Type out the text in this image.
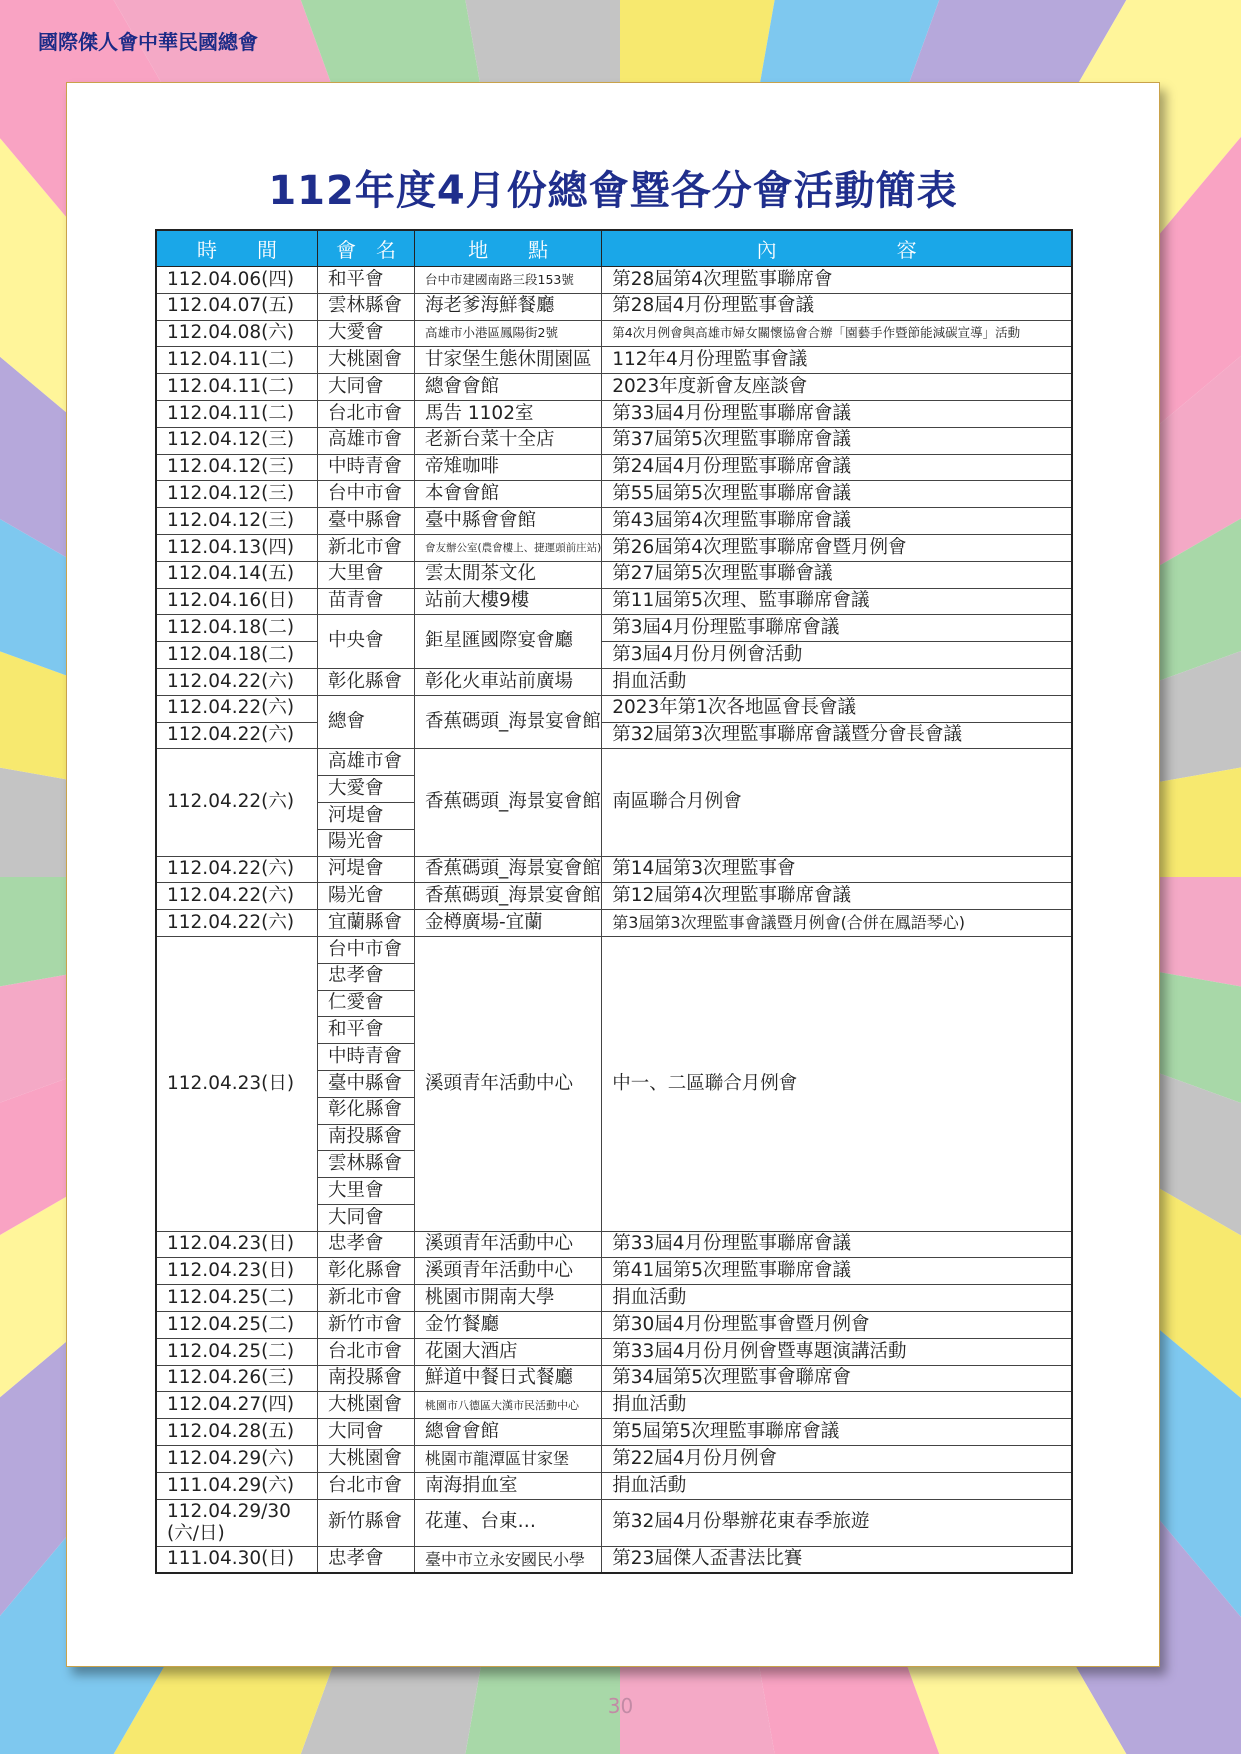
國際傑人會中華民國總會
112年度4月份總會暨各分會活動簡表
時　　間	會　名	地　　點	內　　　　　　容
112.04.06(四)	和平會	台中市建國南路三段153號	第28屆第4次理監事聯席會
112.04.07(五)	雲林縣會	海老爹海鮮餐廳	第28屆4月份理監事會議
112.04.08(六)	大愛會	高雄市小港區鳳陽街2號	第4次月例會與高雄市婦女關懷協會合辦「園藝手作暨節能減碳宣導」活動
112.04.11(二)	大桃園會	甘家堡生態休閒園區	112年4月份理監事會議
112.04.11(二)	大同會	總會會館	2023年度新會友座談會
112.04.11(二)	台北市會	馬告 1102室	第33屆4月份理監事聯席會議
112.04.12(三)	高雄市會	老新台菜十全店	第37屆第5次理監事聯席會議
112.04.12(三)	中時青會	帝雉咖啡	第24屆4月份理監事聯席會議
112.04.12(三)	台中市會	本會會館	第55屆第5次理監事聯席會議
112.04.12(三)	臺中縣會	臺中縣會會館	第43屆第4次理監事聯席會議
112.04.13(四)	新北市會	會友辦公室(農會樓上、捷運頭前庄站)	第26屆第4次理監事聯席會暨月例會
112.04.14(五)	大里會	雲太閒茶文化	第27屆第5次理監事聯會議
112.04.16(日)	苗青會	站前大樓9樓	第11屆第5次理、監事聯席會議
112.04.18(二)	中央會	鉅星匯國際宴會廳	第3屆4月份理監事聯席會議
112.04.18(二)			第3屆4月份月例會活動
112.04.22(六)	彰化縣會	彰化火車站前廣場	捐血活動
112.04.22(六)	總會	香蕉碼頭_海景宴會館	2023年第1次各地區會長會議
112.04.22(六)			第32屆第3次理監事聯席會議暨分會長會議
112.04.22(六)	高雄市會	香蕉碼頭_海景宴會館	南區聯合月例會
	大愛會		
	河堤會		
	陽光會		
112.04.22(六)	河堤會	香蕉碼頭_海景宴會館	第14屆第3次理監事會
112.04.22(六)	陽光會	香蕉碼頭_海景宴會館	第12屆第4次理監事聯席會議
112.04.22(六)	宜蘭縣會	金樽廣場-宜蘭	第3屆第3次理監事會議暨月例會(合併在鳳語琴心)
112.04.23(日)	台中市會	溪頭青年活動中心	中一、二區聯合月例會
	忠孝會		
	仁愛會		
	和平會		
	中時青會		
	臺中縣會		
	彰化縣會		
	南投縣會		
	雲林縣會		
	大里會		
	大同會		
112.04.23(日)	忠孝會	溪頭青年活動中心	第33屆4月份理監事聯席會議
112.04.23(日)	彰化縣會	溪頭青年活動中心	第41屆第5次理監事聯席會議
112.04.25(二)	新北市會	桃園市開南大學	捐血活動
112.04.25(二)	新竹市會	金竹餐廳	第30屆4月份理監事會暨月例會
112.04.25(二)	台北市會	花園大酒店	第33屆4月份月例會暨專題演講活動
112.04.26(三)	南投縣會	鮮道中餐日式餐廳	第34屆第5次理監事會聯席會
112.04.27(四)	大桃園會	桃園市八德區大漢市民活動中心	捐血活動
112.04.28(五)	大同會	總會會館	第5屆第5次理監事聯席會議
112.04.29(六)	大桃園會	桃園市龍潭區甘家堡	第22屆4月份月例會
111.04.29(六)	台北市會	南海捐血室	捐血活動
112.04.29/30 (六/日)	新竹縣會	花蓮、台東…	第32屆4月份舉辦花東春季旅遊
111.04.30(日)	忠孝會	臺中市立永安國民小學	第23屆傑人盃書法比賽
30
